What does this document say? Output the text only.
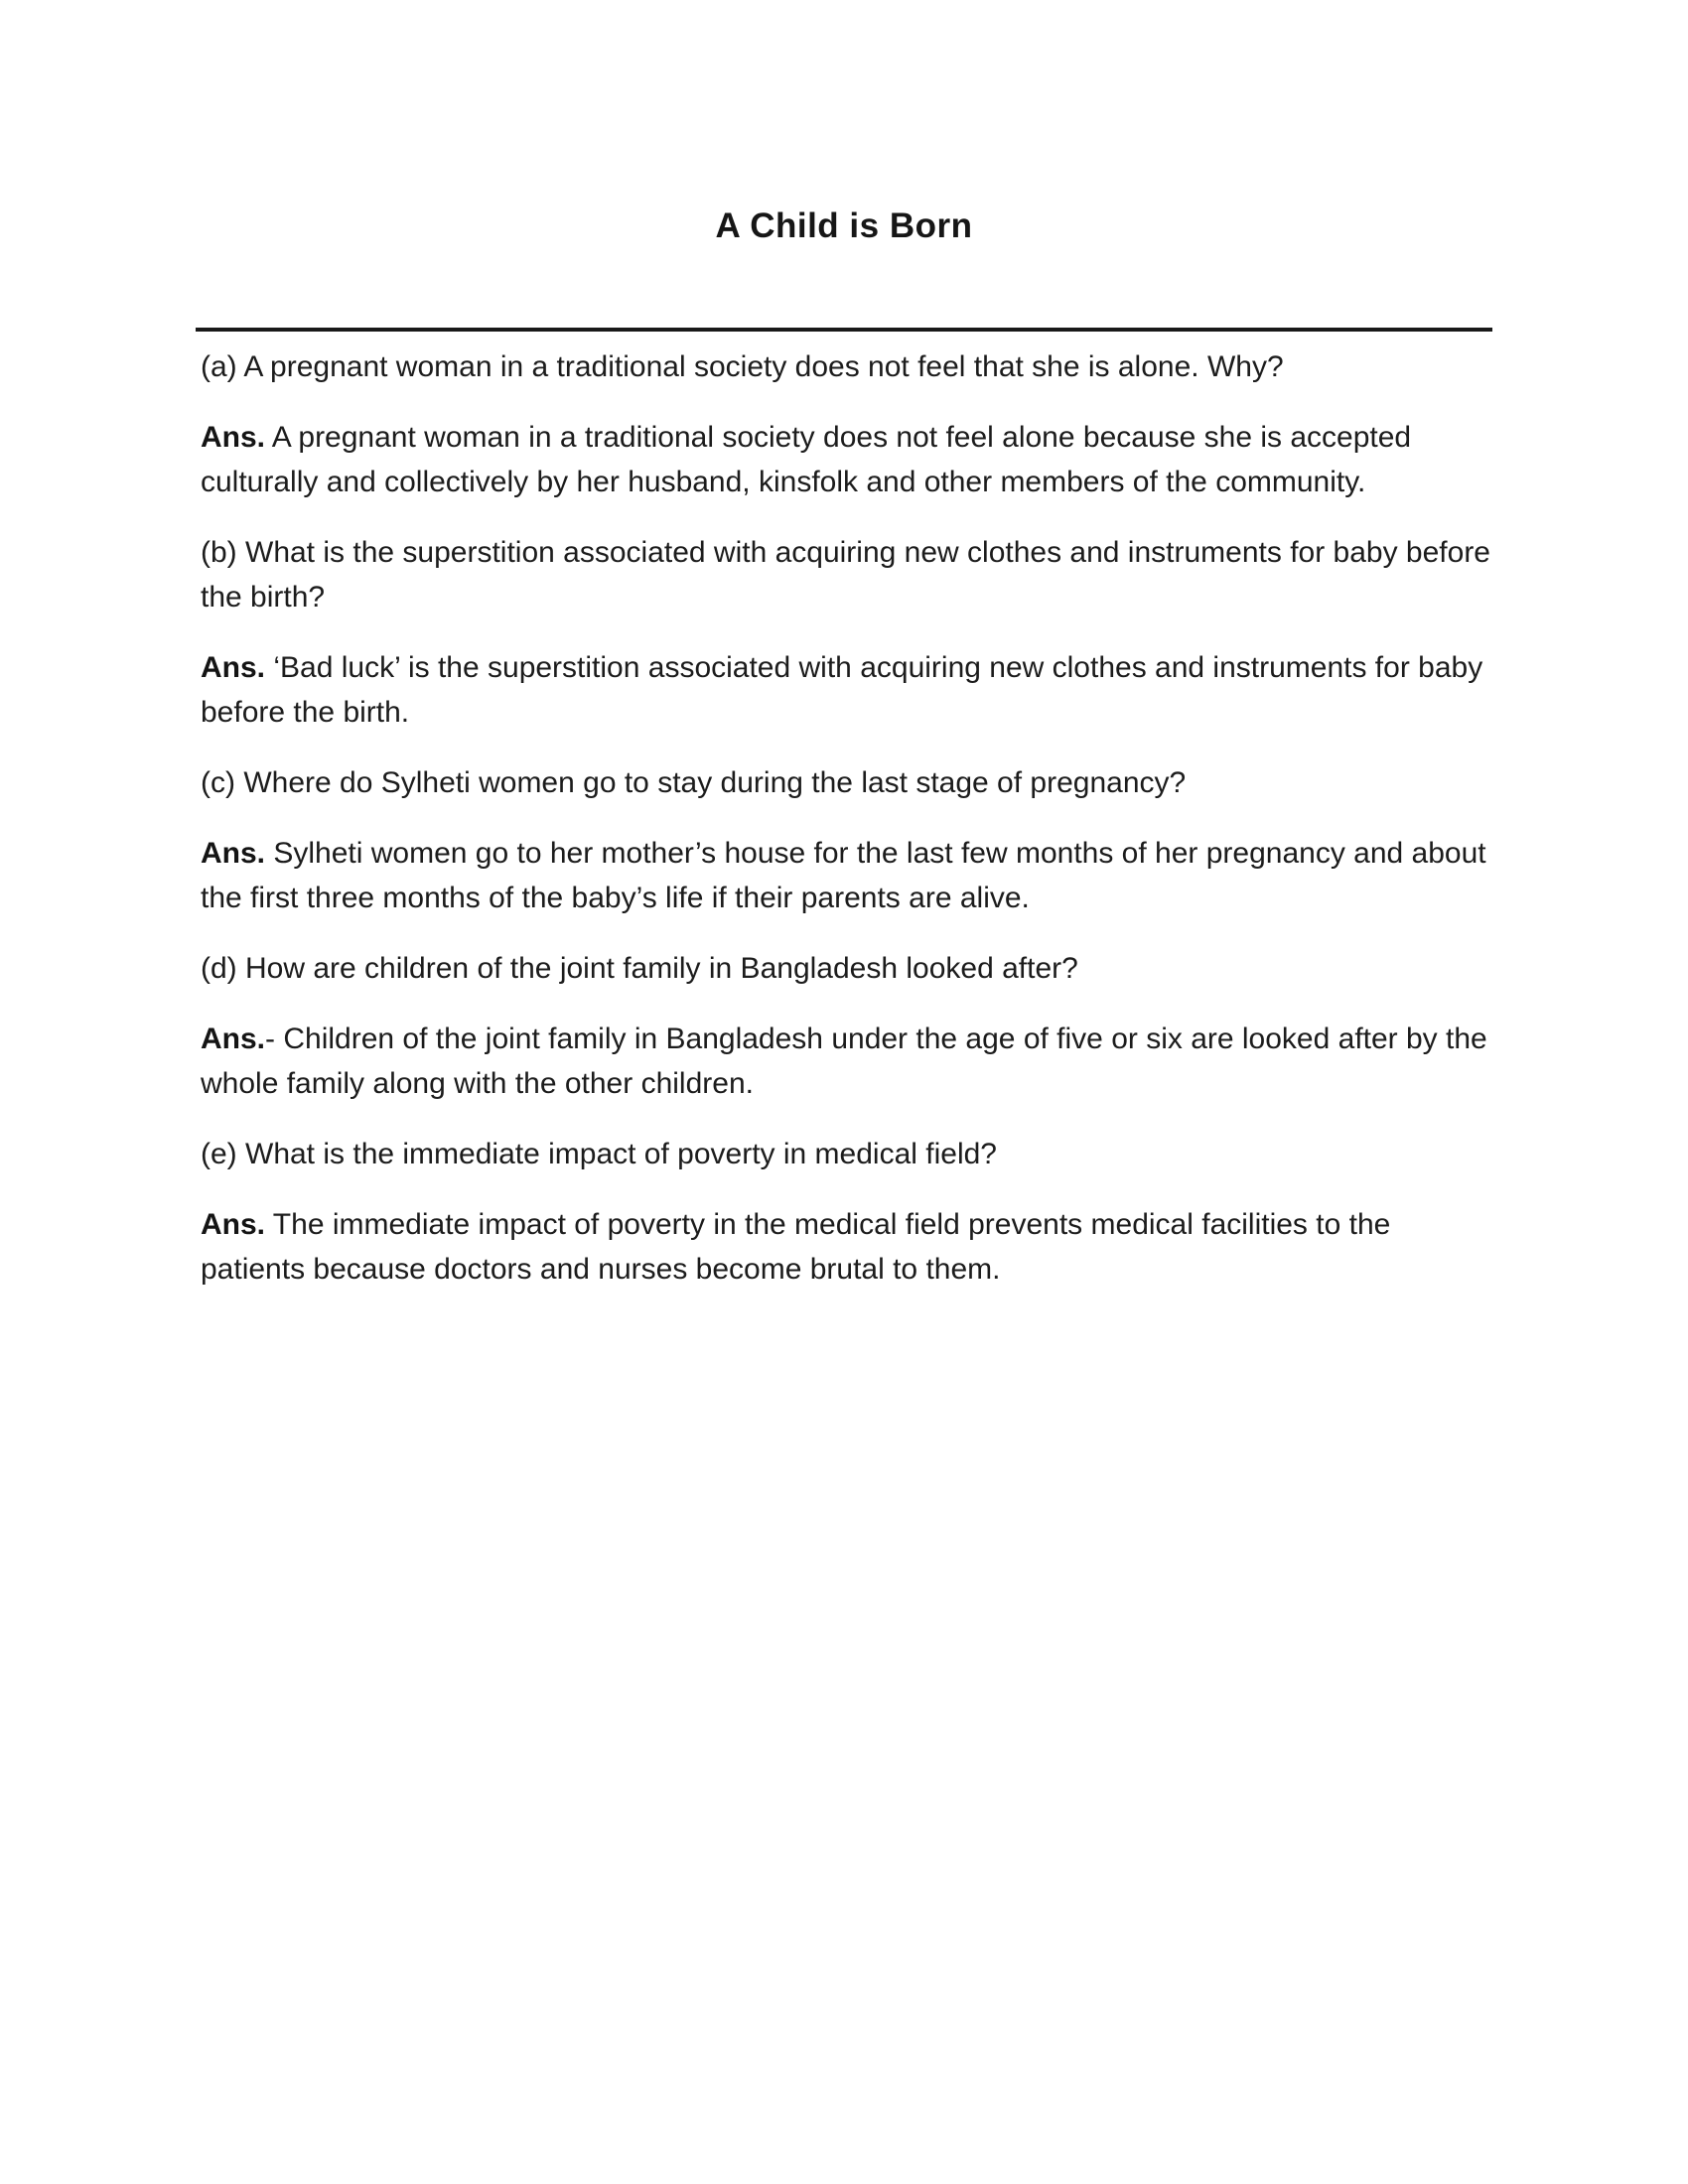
A Child is Born

(a) A pregnant woman in a traditional society does not feel that she is alone. Why?

Ans. A pregnant woman in a traditional society does not feel alone because she is accepted culturally and collectively by her husband, kinsfolk and other members of the community.

(b) What is the superstition associated with acquiring new clothes and instruments for baby before the birth?

Ans. ‘Bad luck’ is the superstition associated with acquiring new clothes and instruments for baby before the birth.

(c) Where do Sylheti women go to stay during the last stage of pregnancy?

Ans. Sylheti women go to her mother’s house for the last few months of her pregnancy and about the first three months of the baby’s life if their parents are alive.

(d) How are children of the joint family in Bangladesh looked after?

Ans.- Children of the joint family in Bangladesh under the age of five or six are looked after by the whole family along with the other children.

(e) What is the immediate impact of poverty in medical field?

Ans. The immediate impact of poverty in the medical field prevents medical facilities to the patients because doctors and nurses become brutal to them.
